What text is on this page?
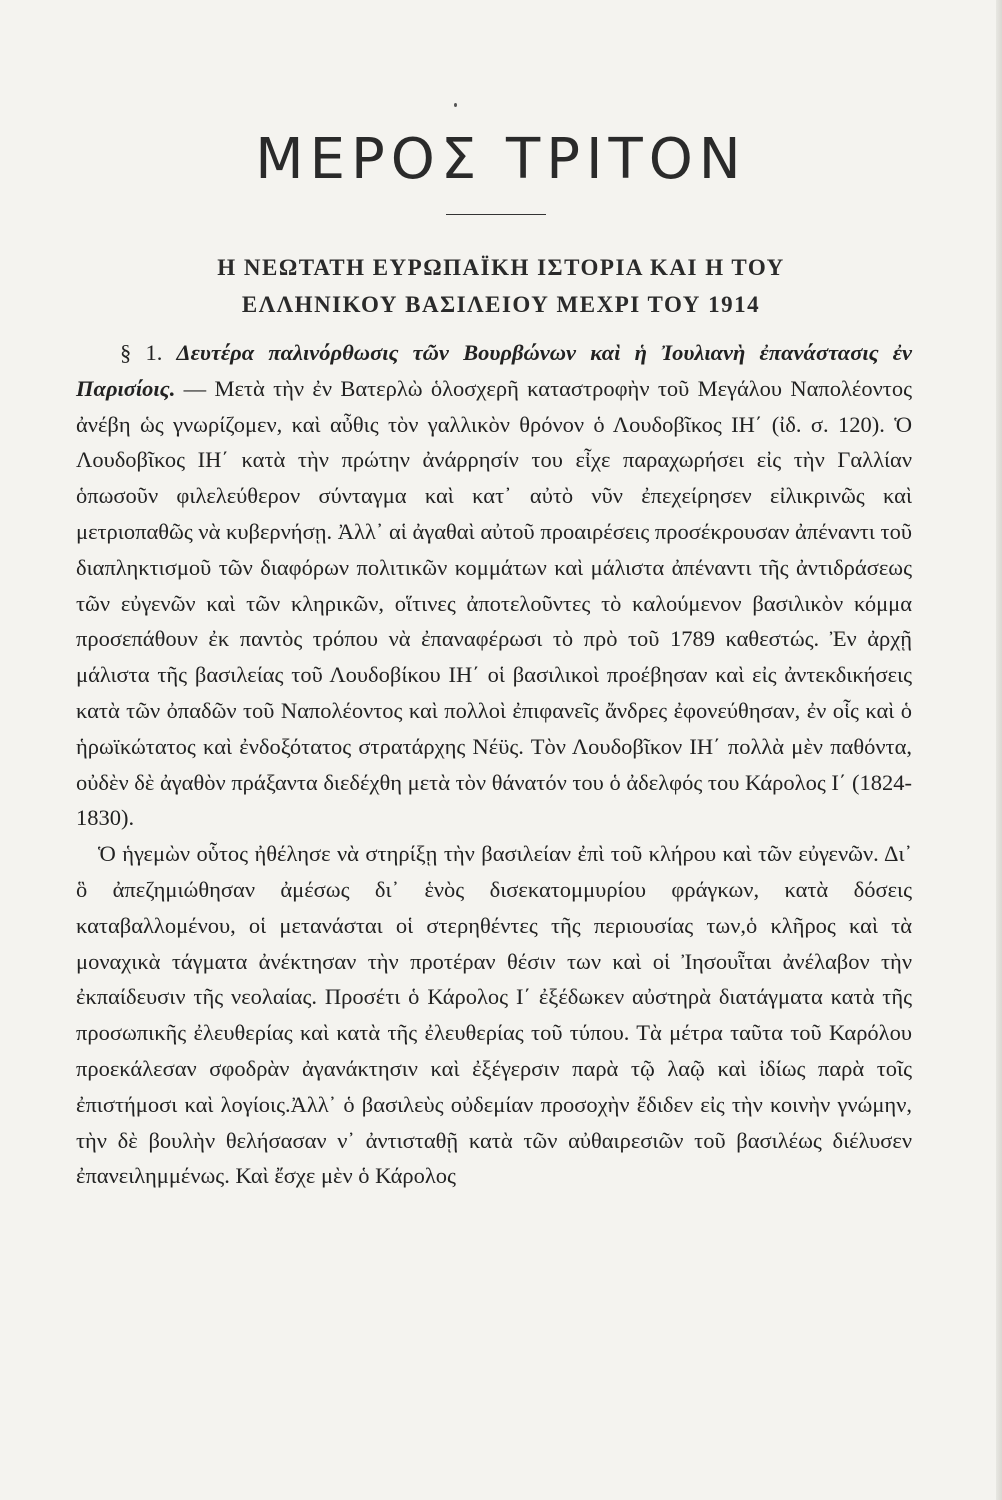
ΜΕΡΟΣ ΤΡΙΤΟΝ
Η ΝΕΩΤΑΤΗ ΕΥΡΩΠΑΪΚΗ ΙΣΤΟΡΙΑ ΚΑΙ Η ΤΟΥ
ΕΛΛΗΝΙΚΟΥ ΒΑΣΙΛΕΙΟΥ ΜΕΧΡΙ ΤΟΥ 1914

§ 1. Δευτέρα παλινόρθωσις τῶν Βουρβώνων καὶ ἡ Ἰουλιανὴ ἐπανάστασις ἐν Παρισίοις. — Μετὰ τὴν ἐν Βατερλὼ ὁλοσχερῆ καταστροφὴν τοῦ Μεγάλου Ναπολέοντος ἀνέβη ὡς γνωρίζομεν, καὶ αὖθις τὸν γαλλικὸν θρόνον ὁ Λουδοβῖκος ΙΗ΄ (ἰδ. σ. 120). Ὁ Λουδοβῖκος ΙΗ΄ κατὰ τὴν πρώτην ἀνάρρησίν του εἶχε παραχωρήσει εἰς τὴν Γαλλίαν ὁπωσοῦν φιλελεύθερον σύνταγμα καὶ κατ᾽ αὐτὸ νῦν ἐπεχείρησεν εἰλικρινῶς καὶ μετριοπαθῶς νὰ κυβερνήσῃ. Ἀλλ᾽ αἱ ἀγαθαὶ αὐτοῦ προαιρέσεις προσέκρουσαν ἀπέναντι τοῦ διαπληκτισμοῦ τῶν διαφόρων πολιτικῶν κομμάτων καὶ μάλιστα ἀπέναντι τῆς ἀντιδράσεως τῶν εὐγενῶν καὶ τῶν κληρικῶν, οἵτινες ἀποτελοῦντες τὸ καλούμενον βασιλικὸν κόμμα προσεπάθουν ἐκ παντὸς τρόπου νὰ ἐπαναφέρωσι τὸ πρὸ τοῦ 1789 καθεστώς. Ἐν ἀρχῇ μάλιστα τῆς βασιλείας τοῦ Λουδοβίκου ΙΗ΄ οἱ βασιλικοὶ προέβησαν καὶ εἰς ἀντεκδικήσεις κατὰ τῶν ὀπαδῶν τοῦ Ναπολέοντος καὶ πολλοὶ ἐπιφανεῖς ἄνδρες ἐφονεύθησαν, ἐν οἷς καὶ ὁ ἡρωϊκώτατος καὶ ἐνδοξότατος στρατάρχης Νέϋς. Τὸν Λουδοβῖκον ΙΗ΄ πολλὰ μὲν παθόντα, οὐδὲν δὲ ἀγαθὸν πράξαντα διεδέχθη μετὰ τὸν θάνατόν του ὁ ἀδελφός του Κάρολος Ι΄ (1824-1830).

Ὁ ἡγεμὼν οὗτος ἠθέλησε νὰ στηρίξῃ τὴν βασιλείαν ἐπὶ τοῦ κλήρου καὶ τῶν εὐγενῶν. Δι᾽ ὃ ἀπεζημιώθησαν ἀμέσως δι᾽ ἑνὸς δισεκατομμυρίου φράγκων, κατὰ δόσεις καταβαλλομένου, οἱ μετανάσται οἱ στερηθέντες τῆς περιουσίας των,ὁ κλῆρος καὶ τὰ μοναχικὰ τάγματα ἀνέκτησαν τὴν προτέραν θέσιν των καὶ οἱ Ἰησουῗται ἀνέλαβον τὴν ἐκπαίδευσιν τῆς νεολαίας. Προσέτι ὁ Κάρολος Ι΄ ἐξέδωκεν αὐστηρὰ διατάγματα κατὰ τῆς προσωπικῆς ἐλευθερίας καὶ κατὰ τῆς ἐλευθερίας τοῦ τύπου. Τὰ μέτρα ταῦτα τοῦ Καρόλου προεκάλεσαν σφοδρὰν ἀγανάκτησιν καὶ ἐξέγερσιν παρὰ τῷ λαῷ καὶ ἰδίως παρὰ τοῖς ἐπιστήμοσι καὶ λογίοις.Ἀλλ᾽ ὁ βασιλεὺς οὐδεμίαν προσοχὴν ἔδιδεν εἰς τὴν κοινὴν γνώμην, τὴν δὲ βουλὴν θελήσασαν ν᾽ ἀντισταθῇ κατὰ τῶν αὐθαιρεσιῶν τοῦ βασιλέως διέλυσεν ἐπανειλημμένως. Καὶ ἔσχε μὲν ὁ Κάρολος
